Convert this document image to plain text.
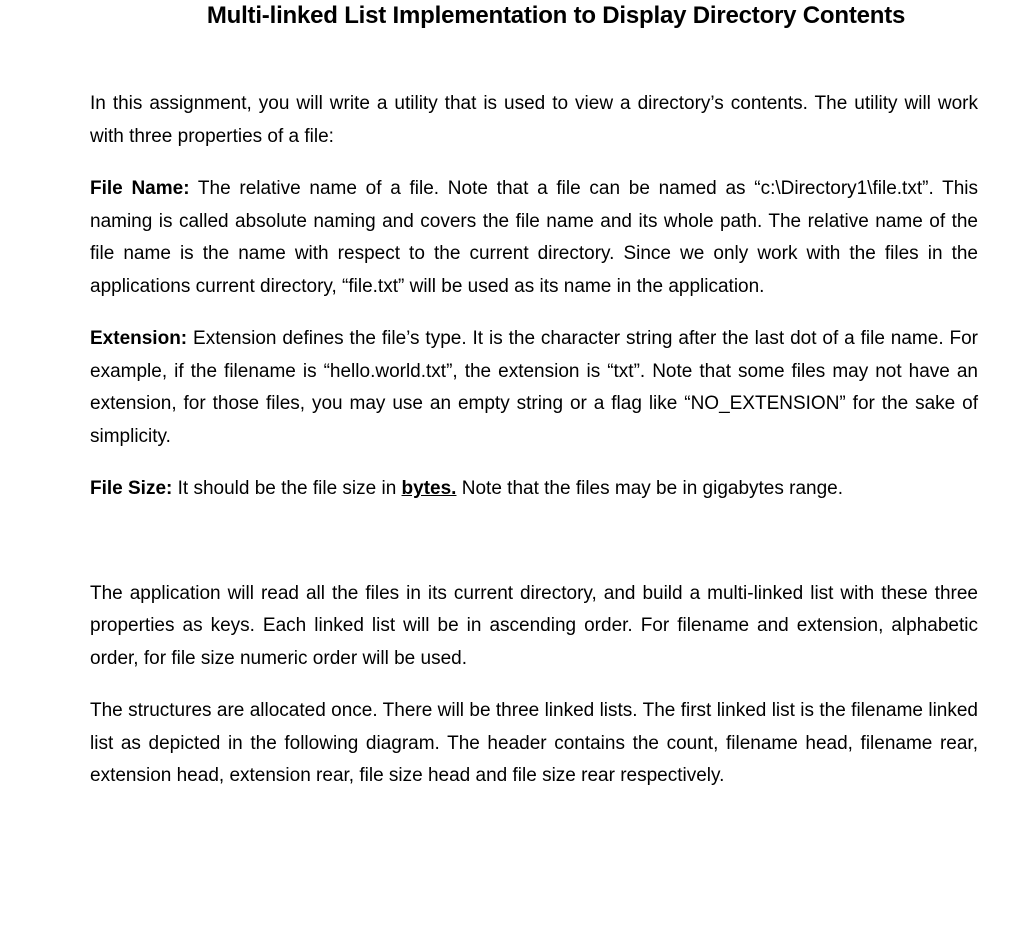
Multi-linked List Implementation to Display Directory Contents

In this assignment, you will write a utility that is used to view a directory’s contents. The utility will work with three properties of a file:

File Name: The relative name of a file. Note that a file can be named as “c:\Directory1\file.txt”. This naming is called absolute naming and covers the file name and its whole path. The relative name of the file name is the name with respect to the current directory. Since we only work with the files in the applications current directory, “file.txt” will be used as its name in the application.

Extension: Extension defines the file’s type. It is the character string after the last dot of a file name. For example, if the filename is “hello.world.txt”, the extension is “txt”. Note that some files may not have an extension, for those files, you may use an empty string or a flag like “NO_EXTENSION” for the sake of simplicity.

File Size: It should be the file size in bytes. Note that the files may be in gigabytes range.

The application will read all the files in its current directory, and build a multi-linked list with these three properties as keys. Each linked list will be in ascending order. For filename and extension, alphabetic order, for file size numeric order will be used.

The structures are allocated once. There will be three linked lists. The first linked list is the filename linked list as depicted in the following diagram. The header contains the count, filename head, filename rear, extension head, extension rear, file size head and file size rear respectively.
